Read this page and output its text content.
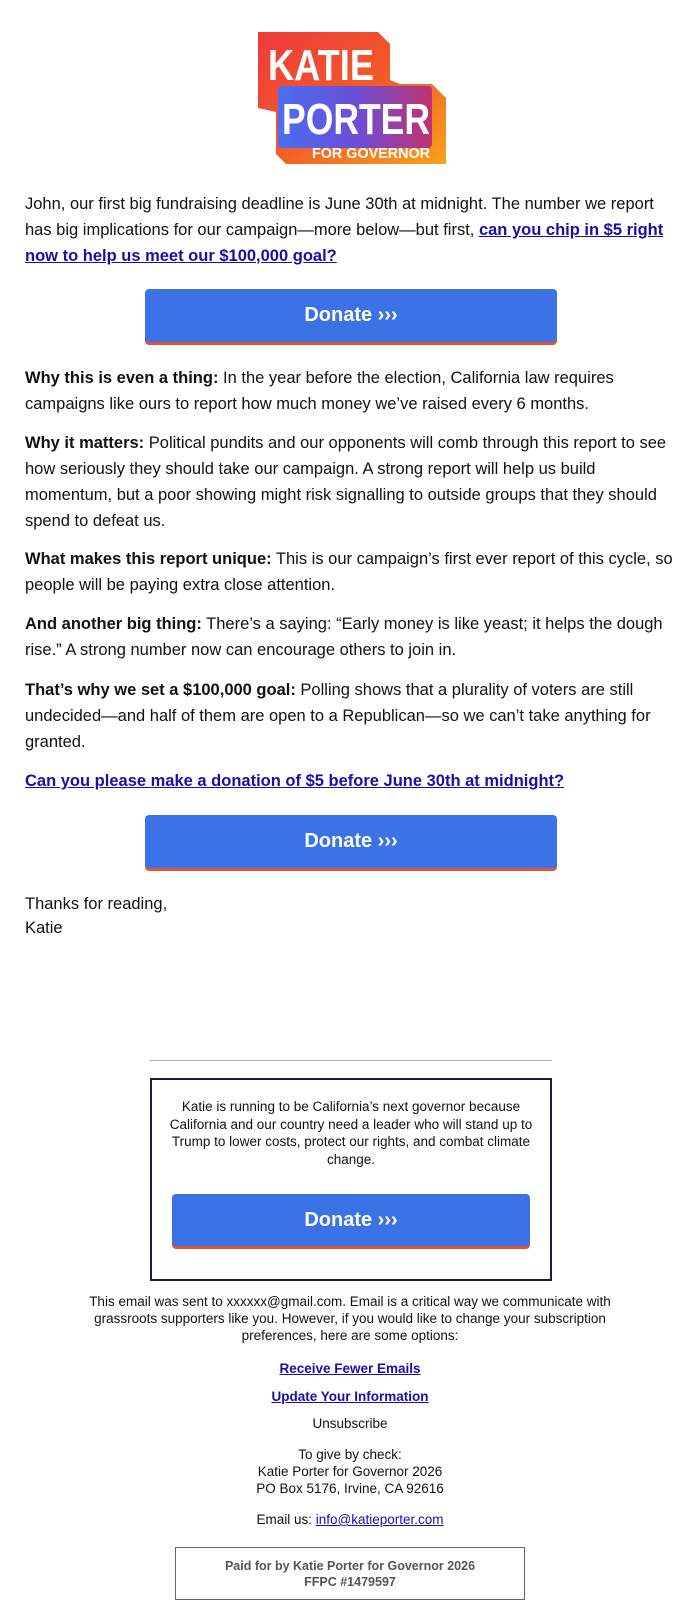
KATIE
PORTER
FOR GOVERNOR

John, our first big fundraising deadline is June 30th at midnight. The number we report has big implications for our campaign—more below—but first, can you chip in $5 right now to help us meet our $100,000 goal?

Donate ›››

Why this is even a thing: In the year before the election, California law requires campaigns like ours to report how much money we’ve raised every 6 months.

Why it matters: Political pundits and our opponents will comb through this report to see how seriously they should take our campaign. A strong report will help us build momentum, but a poor showing might risk signalling to outside groups that they should spend to defeat us.

What makes this report unique: This is our campaign’s first ever report of this cycle, so people will be paying extra close attention.

And another big thing: There’s a saying: “Early money is like yeast; it helps the dough rise.” A strong number now can encourage others to join in.

That’s why we set a $100,000 goal: Polling shows that a plurality of voters are still undecided—and half of them are open to a Republican—so we can’t take anything for granted.

Can you please make a donation of $5 before June 30th at midnight?

Donate ›››
Thanks for reading,
Katie
Katie is running to be California’s next governor because California and our country need a leader who will stand up to Trump to lower costs, protect our rights, and combat climate change.
Donate ›››
This email was sent to xxxxxx@gmail.com. Email is a critical way we communicate with grassroots supporters like you. However, if you would like to change your subscription preferences, here are some options:
Receive Fewer Emails
Update Your Information
Unsubscribe
To give by check:
Katie Porter for Governor 2026
PO Box 5176, Irvine, CA 92616
Email us: info@katieporter.com
Paid for by Katie Porter for Governor 2026
FFPC #1479597
